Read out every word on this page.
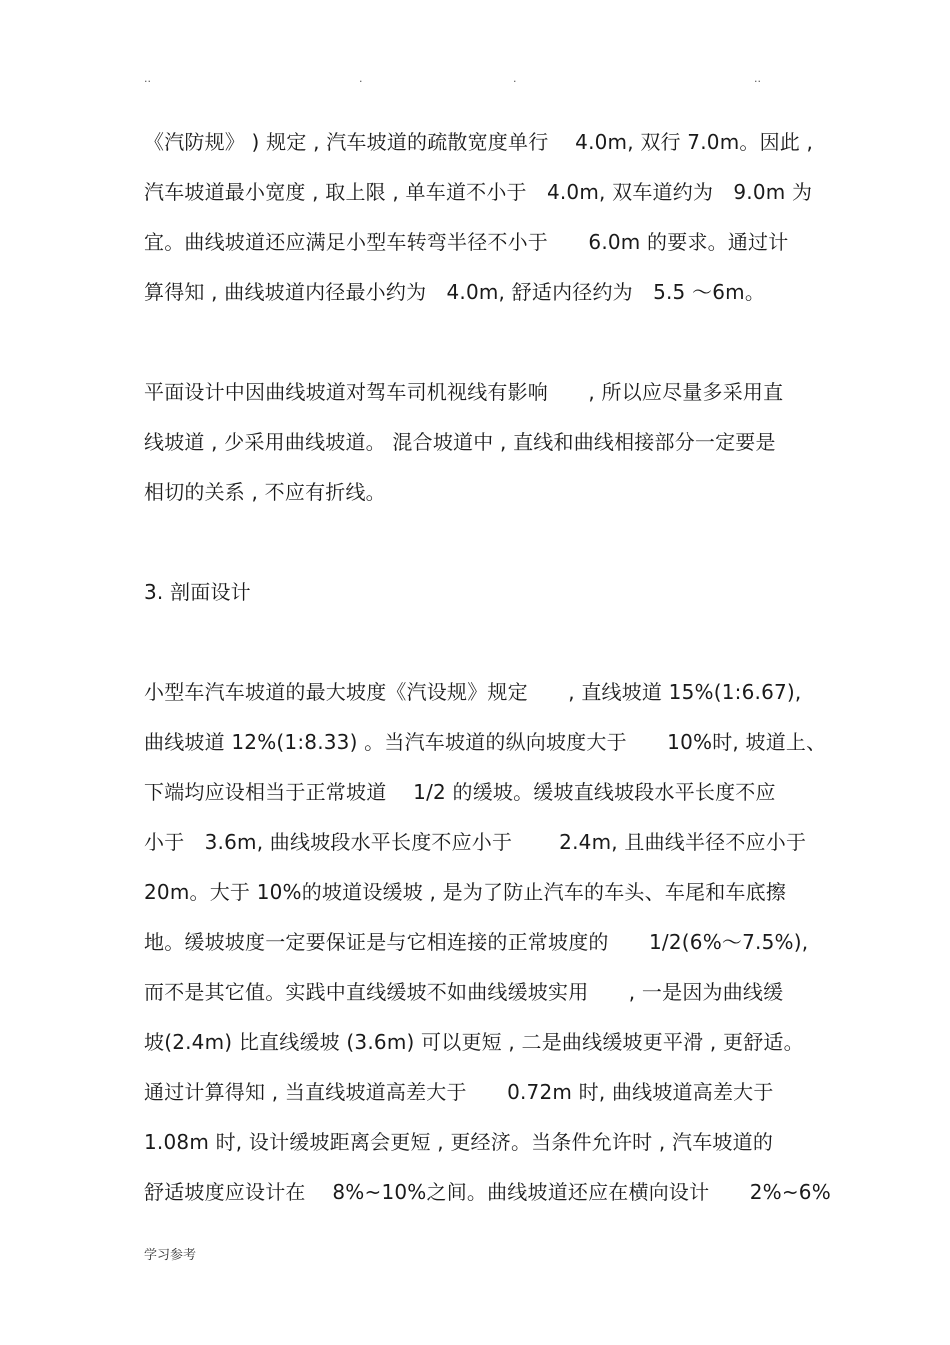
..	.	.	..
《汽防规》 ) 规定 , 汽车坡道的疏散宽度单行　 4.0m, 双行 7.0m。因此 ,
汽车坡道最小宽度 , 取上限 , 单车道不小于　4.0m, 双车道约为　9.0m 为
宜。曲线坡道还应满足小型车转弯半径不小于　　6.0m 的要求。通过计
算得知 , 曲线坡道内径最小约为　4.0m, 舒适内径约为　5.5 ～6m。
平面设计中因曲线坡道对驾车司机视线有影响　　, 所以应尽量多采用直
线坡道 , 少采用曲线坡道。 混合坡道中 , 直线和曲线相接部分一定要是
相切的关系 , 不应有折线。
3. 剖面设计
小型车汽车坡道的最大坡度《汽设规》规定　　, 直线坡道 15%(1:6.67),
曲线坡道 12%(1:8.33) 。当汽车坡道的纵向坡度大于　　10%时, 坡道上、
下端均应设相当于正常坡道　 1/2 的缓坡。缓坡直线坡段水平长度不应
小于　3.6m, 曲线坡段水平长度不应小于　　 2.4m, 且曲线半径不应小于
20m。大于 10%的坡道设缓坡 , 是为了防止汽车的车头、车尾和车底擦
地。缓坡坡度一定要保证是与它相连接的正常坡度的　　1/2(6%～7.5%),
而不是其它值。实践中直线缓坡不如曲线缓坡实用　　, 一是因为曲线缓
坡(2.4m) 比直线缓坡 (3.6m) 可以更短 , 二是曲线缓坡更平滑 , 更舒适。
通过计算得知 , 当直线坡道高差大于　　0.72m 时, 曲线坡道高差大于
1.08m 时, 设计缓坡距离会更短 , 更经济。当条件允许时 , 汽车坡道的
舒适坡度应设计在　 8%~10%之间。曲线坡道还应在横向设计　　2%~6%
学习参考
